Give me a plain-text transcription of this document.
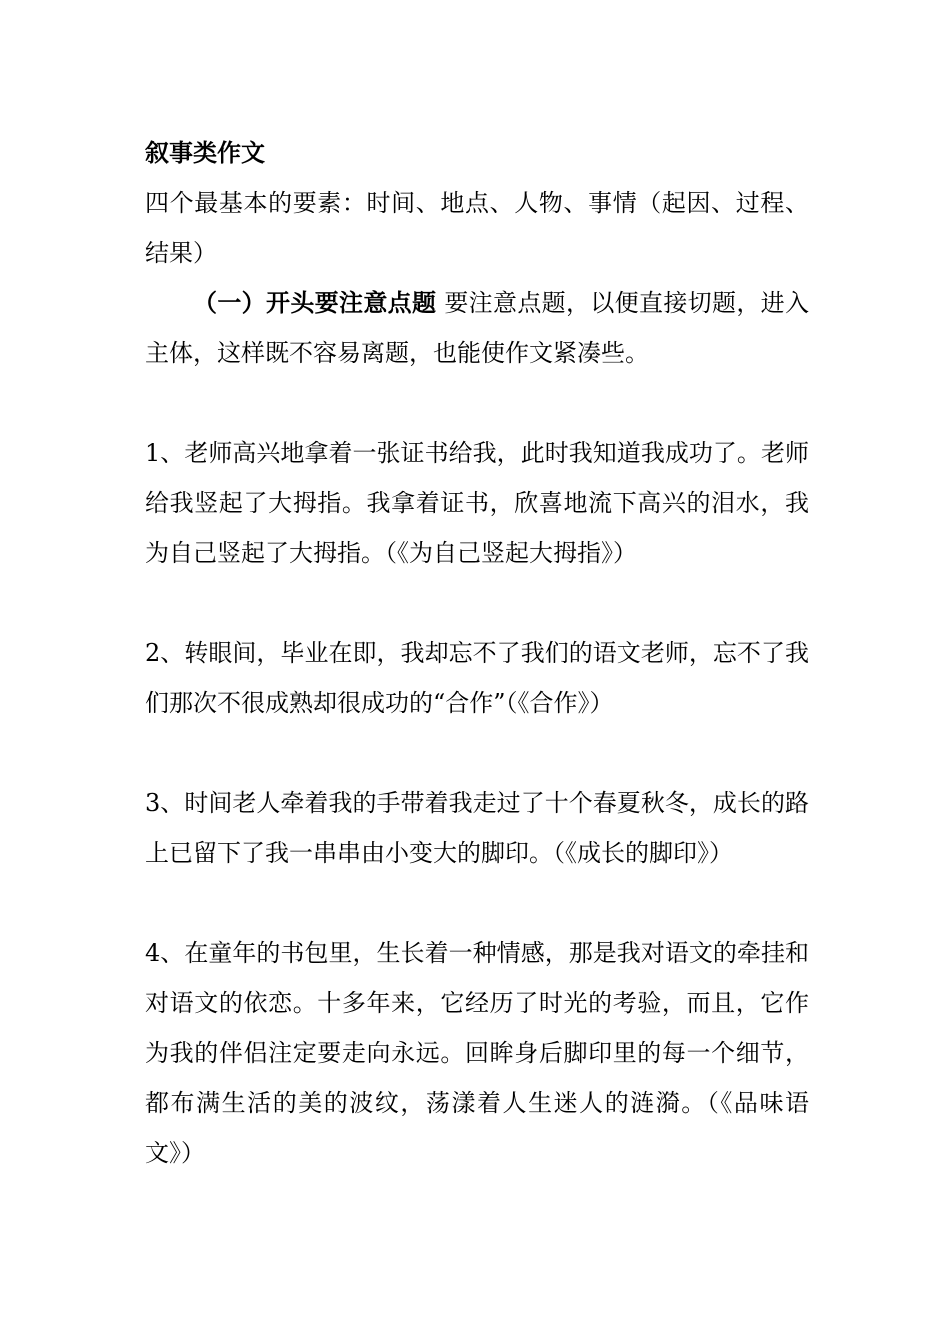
叙事类作文

四个最基本的要素：时间、地点、人物、事情（起因、过程、结果）

（一）开头要注意点题 要注意点题，以便直接切题，进入主体，这样既不容易离题，也能使作文紧凑些。

1、老师高兴地拿着一张证书给我，此时我知道我成功了。老师给我竖起了大拇指。我拿着证书，欣喜地流下高兴的泪水，我为自己竖起了大拇指。（《为自己竖起大拇指》）

2、转眼间，毕业在即，我却忘不了我们的语文老师，忘不了我们那次不很成熟却很成功的“合作”（《合作》）

3、时间老人牵着我的手带着我走过了十个春夏秋冬，成长的路上已留下了我一串串由小变大的脚印。（《成长的脚印》）

4、在童年的书包里，生长着一种情感，那是我对语文的牵挂和对语文的依恋。十多年来，它经历了时光的考验，而且，它作为我的伴侣注定要走向永远。回眸身后脚印里的每一个细节，都布满生活的美的波纹，荡漾着人生迷人的涟漪。（《品味语文》）
